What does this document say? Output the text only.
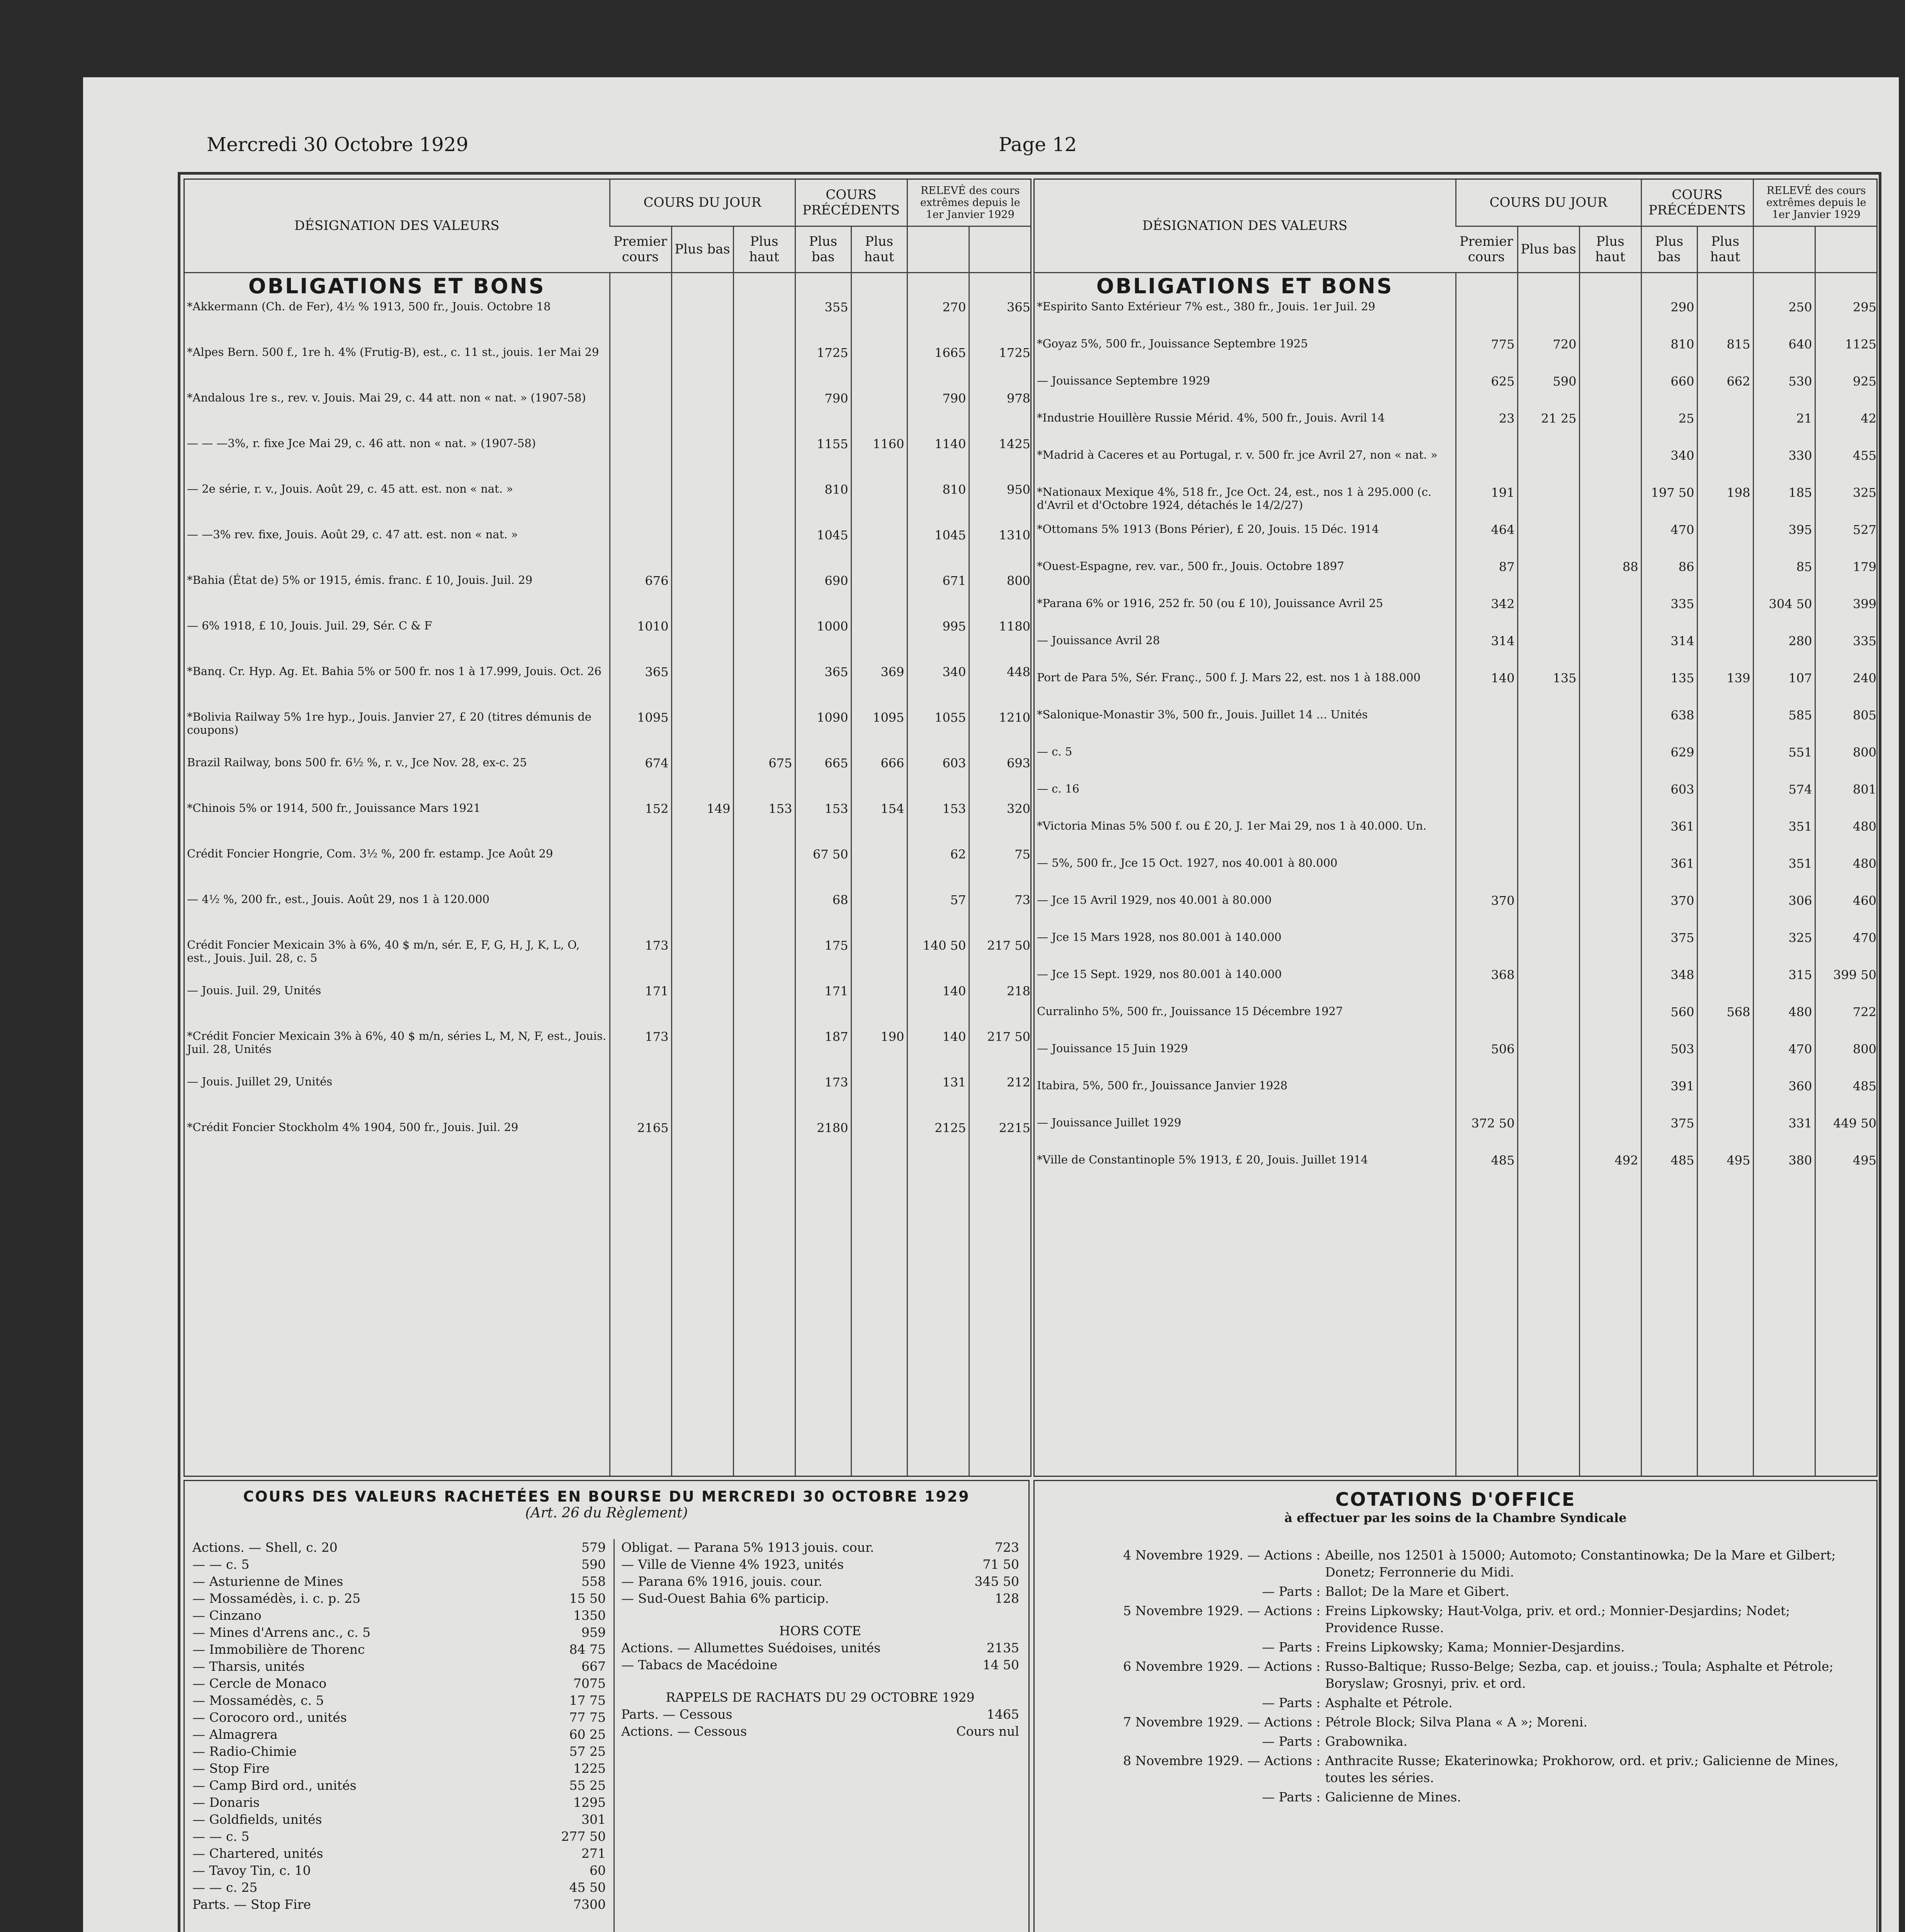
Mercredi 30 Octobre 1929	Page 12
DÉSIGNATION DES VALEURS	COURS DU JOUR			COURS PRÉCÉDENTS		RELEVÉ des cours extrêmes depuis le 1er Janvier 1929	
	Premier cours	Plus bas	Plus haut	Plus bas	Plus haut		
OBLIGATIONS ET BONS							
*Akkermann (Ch. de Fer), 4½ % 1913, 500 fr., Jouis. Octobre 18				355		270	365
*Alpes Bern. 500 f., 1re h. 4% (Frutig-B), est., c. 11 st., jouis. 1er Mai 29				1725		1665	1725
*Andalous 1re s., rev. v. Jouis. Mai 29, c. 44 att. non « nat. » (1907-58)				790		790	978
— — —3%, r. fixe Jce Mai 29, c. 46 att. non « nat. » (1907-58)				1155	1160	1140	1425
— 2e série, r. v., Jouis. Août 29, c. 45 att. est. non « nat. »				810		810	950
— —3% rev. fixe, Jouis. Août 29, c. 47 att. est. non « nat. »				1045		1045	1310
*Bahia (État de) 5% or 1915, émis. franc. £ 10, Jouis. Juil. 29	676			690		671	800
— 6% 1918, £ 10, Jouis. Juil. 29, Sér. C & F	1010			1000		995	1180
*Banq. Cr. Hyp. Ag. Et. Bahia 5% or 500 fr. nos 1 à 17.999, Jouis. Oct. 26	365			365	369	340	448
*Bolivia Railway 5% 1re hyp., Jouis. Janvier 27, £ 20 (titres démunis de coupons)	1095			1090	1095	1055	1210
Brazil Railway, bons 500 fr. 6½ %, r. v., Jce Nov. 28, ex-c. 25	674		675	665	666	603	693
*Chinois 5% or 1914, 500 fr., Jouissance Mars 1921	152	149	153	153	154	153	320
Crédit Foncier Hongrie, Com. 3½ %, 200 fr. estamp. Jce Août 29				67 50		62	75
— 4½ %, 200 fr., est., Jouis. Août 29, nos 1 à 120.000				68		57	73
Crédit Foncier Mexicain 3% à 6%, 40 $ m/n, sér. E, F, G, H, J, K, L, O, est., Jouis. Juil. 28, c. 5	173			175		140 50	217 50
— Jouis. Juil. 29, Unités	171			171		140	218
*Crédit Foncier Mexicain 3% à 6%, 40 $ m/n, séries L, M, N, F, est., Jouis. Juil. 28, Unités	173			187	190	140	217 50
— Jouis. Juillet 29, Unités				173		131	212
*Crédit Foncier Stockholm 4% 1904, 500 fr., Jouis. Juil. 29	2165			2180		2125	2215

DÉSIGNATION DES VALEURS	COURS DU JOUR			COURS PRÉCÉDENTS		RELEVÉ des cours extrêmes depuis le 1er Janvier 1929	
	Premier cours	Plus bas	Plus haut	Plus bas	Plus haut		
OBLIGATIONS ET BONS							
*Espirito Santo Extérieur 7% est., 380 fr., Jouis. 1er Juil. 29				290		250	295
*Goyaz 5%, 500 fr., Jouissance Septembre 1925	775	720		810	815	640	1125
— Jouissance Septembre 1929	625	590		660	662	530	925
*Industrie Houillère Russie Mérid. 4%, 500 fr., Jouis. Avril 14	23	21 25		25		21	42
*Madrid à Caceres et au Portugal, r. v. 500 fr. jce Avril 27, non « nat. »				340		330	455
*Nationaux Mexique 4%, 518 fr., Jce Oct. 24, est., nos 1 à 295.000 (c. d'Avril et d'Octobre 1924, détachés le 14/2/27)	191			197 50	198	185	325
*Ottomans 5% 1913 (Bons Périer), £ 20, Jouis. 15 Déc. 1914	464			470		395	527
*Ouest-Espagne, rev. var., 500 fr., Jouis. Octobre 1897	87		88	86		85	179
*Parana 6% or 1916, 252 fr. 50 (ou £ 10), Jouissance Avril 25	342			335		304 50	399
— Jouissance Avril 28	314			314		280	335
Port de Para 5%, Sér. Franç., 500 f. J. Mars 22, est. nos 1 à 188.000	140	135		135	139	107	240
*Salonique-Monastir 3%, 500 fr., Jouis. Juillet 14 ... Unités				638		585	805
— c. 5				629		551	800
— c. 16				603		574	801
*Victoria Minas 5% 500 f. ou £ 20, J. 1er Mai 29, nos 1 à 40.000. Un.				361		351	480
— 5%, 500 fr., Jce 15 Oct. 1927, nos 40.001 à 80.000				361		351	480
— Jce 15 Avril 1929, nos 40.001 à 80.000	370			370		306	460
— Jce 15 Mars 1928, nos 80.001 à 140.000				375		325	470
— Jce 15 Sept. 1929, nos 80.001 à 140.000	368			348		315	399 50
Curralinho 5%, 500 fr., Jouissance 15 Décembre 1927				560	568	480	722
— Jouissance 15 Juin 1929	506			503		470	800
Itabira, 5%, 500 fr., Jouissance Janvier 1928				391		360	485
— Jouissance Juillet 1929	372 50			375		331	449 50
*Ville de Constantinople 5% 1913, £ 20, Jouis. Juillet 1914	485		492	485	495	380	495

COURS DES VALEURS RACHETÉES EN BOURSE DU MERCREDI 30 OCTOBRE 1929
(Art. 26 du Règlement)
Actions. — Shell, c. 20	579
— — c. 5	590
— Asturienne de Mines	558
— Mossamédès, i. c. p. 25	15 50
— Cinzano	1350
— Mines d'Arrens anc., c. 5	959
— Immobilière de Thorenc	84 75
— Tharsis, unités	667
— Cercle de Monaco	7075
— Mossamédès, c. 5	17 75
— Corocoro ord., unités	77 75
— Almagrera	60 25
— Radio-Chimie	57 25
— Stop Fire	1225
— Camp Bird ord., unités	55 25
— Donaris	1295
— Goldfields, unités	301
— — c. 5	277 50
— Chartered, unités	271
— Tavoy Tin, c. 10	60
— — c. 25	45 50
Parts. — Stop Fire	7300
Obligat. — Parana 5% 1913 jouis. cour.	723
— Ville de Vienne 4% 1923, unités	71 50
— Parana 6% 1916, jouis. cour.	345 50
— Sud-Ouest Bahia 6% particip.	128
HORS COTE
Actions. — Allumettes Suédoises, unités	2135
— Tabacs de Macédoine	14 50
RAPPELS DE RACHATS DU 29 OCTOBRE 1929
Parts. — Cessous	1465
Actions. — Cessous	Cours nul
COTATIONS D'OFFICE
à effectuer par les soins de la Chambre Syndicale
4 Novembre 1929. — Actions : Abeille, nos 12501 à 15000; Automoto; Constantinowka; De la Mare et Gilbert; Donetz; Ferronnerie du Midi.
— Parts : Ballot; De la Mare et Gibert.
5 Novembre 1929. — Actions : Freins Lipkowsky; Haut-Volga, priv. et ord.; Monnier-Desjardins; Nodet; Providence Russe.
— Parts : Freins Lipkowsky; Kama; Monnier-Desjardins.
6 Novembre 1929. — Actions : Russo-Baltique; Russo-Belge; Sezba, cap. et jouiss.; Toula; Asphalte et Pétrole; Boryslaw; Grosnyi, priv. et ord.
— Parts : Asphalte et Pétrole.
7 Novembre 1929. — Actions : Pétrole Block; Silva Plana « A »; Moreni.
— Parts : Grabownika.
8 Novembre 1929. — Actions : Anthracite Russe; Ekaterinowka; Prokhorow, ord. et priv.; Galicienne de Mines, toutes les séries.
— Parts : Galicienne de Mines.
